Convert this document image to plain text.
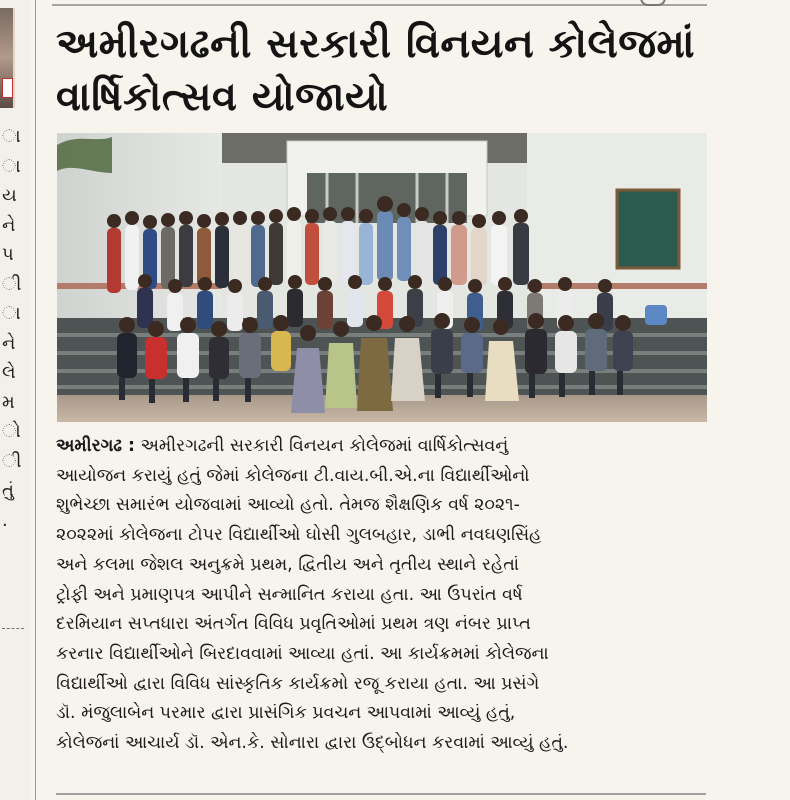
ા
ા
ય
ને
પ
ી
ા
ને
લે
મ
ો
ી
તું
.
અમીરગઢની સરકારી વિનયન કોલેજમાં
વાર્ષિકોત્સવ યોજાયો
અમીરગઢ : અમીરગઢની સરકારી વિનયન કોલેજમાં વાર્ષિકોત્સવનું
આયોજન કરાયું હતું જેમાં કોલેજના ટી.વાય.બી.એ.ના વિદ્યાર્થીઓનો
શુભેચ્છા સમારંભ યોજવામાં આવ્યો હતો. તેમજ શૈક્ષણિક વર્ષ ૨૦૨૧-
૨૦૨૨માં કોલેજના ટોપર વિદ્યાર્થીઓ ઘોસી ગુલબહાર, ડાભી નવઘણસિંહ
અને કલમા જેશલ અનુક્રમે પ્રથમ, દ્વિતીય અને તૃતીય સ્થાને રહેતાં
ટ્રોફી અને પ્રમાણપત્ર આપીને સન્માનિત કરાયા હતા. આ ઉપરાંત વર્ષ
દરમિયાન સપ્તધારા અંતર્ગત વિવિધ પ્રવૃતિઓમાં પ્રથમ ત્રણ નંબર પ્રાપ્ત
કરનાર વિદ્યાર્થીઓને બિરદાવવામાં આવ્યા હતાં. આ કાર્યક્રમમાં કોલેજના
વિદ્યાર્થીઓ દ્વારા વિવિધ સાંસ્કૃતિક કાર્યક્રમો રજૂ કરાયા હતા. આ પ્રસંગે
ડૉ. મંજુલાબેન પરમાર દ્વારા પ્રાસંગિક પ્રવચન આપવામાં આવ્યું હતું,
કોલેજનાં આચાર્ય ડૉ. એન.કે. સોનારા દ્વારા ઉદ્બોધન કરવામાં આવ્યું હતું.
